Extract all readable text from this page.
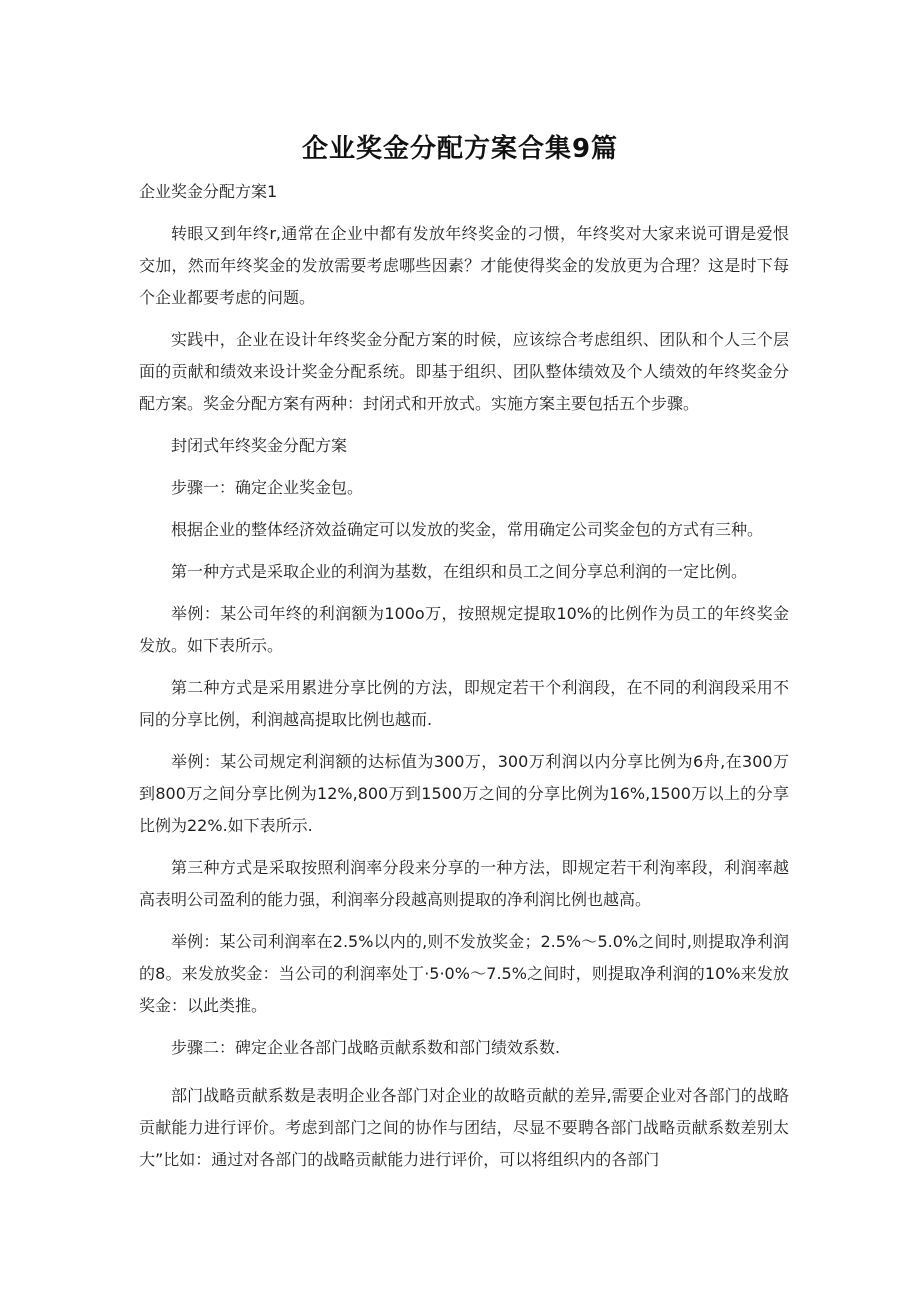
企业奖金分配方案合集9篇

企业奖金分配方案1

转眼又到年终r,通常在企业中都有发放年终奖金的刁惯，年终奖对大家来说可谓是爱恨交加，然而年终奖金的发放需要考虑哪些因素？才能使得奖金的发放更为合理？这是时下每个企业都要考虑的问题。

实践中，企业在设计年终奖金分配方案的时候，应该综合考虑组织、团队和个人三个层面的贡献和绩效来设计奖金分配系统。即基于组织、团队整体绩效及个人绩效的年终奖金分配方案。奖金分配方案有两种：封闭式和开放式。实施方案主要包括五个步骤。

封闭式年终奖金分配方案

步骤一：确定企业奖金包。

根据企业的整体经济效益确定可以发放的奖金，常用确定公司奖金包的方式有三种。

第一种方式是采取企业的利润为基数，在组织和员工之间分享总利润的一定比例。

举例：某公司年终的利润额为100o万，按照规定提取10%的比例作为员工的年终奖金发放。如下表所示。

第二种方式是采用累进分享比例的方法，即规定若干个利润段，在不同的利润段采用不同的分享比例，利润越高提取比例也越而.

举例：某公司规定利润额的达标值为300万，300万利润以内分享比例为6舟,在300万到800万之间分享比例为12%,800万到1500万之间的分享比例为16%,1500万以上的分享比例为22%.如下表所示.

第三种方式是采取按照利润率分段来分享的一种方法，即规定若干利洵率段，利润率越高表明公司盈利的能力强，利润率分段越高则提取的净利润比例也越高。

举例：某公司利润率在2.5%以内的,则不发放奖金；2.5%～5.0%之间时,则提取净利润的8。来发放奖金：当公司的利润率处丁·5·0%～7.5%之间时，则提取净利润的10%来发放奖金：以此类推。

步骤二：碑定企业各部门战略贡献系数和部门绩效系数.

部门战略贡献系数是表明企业各部门对企业的故略贡献的差异,需要企业对各部门的战略贡献能力进行评价。考虑到部门之间的协作与团结，尽显不要聘各部门战略贡献系数差别太大”比如：通过对各部门的战略贡献能力进行评价，可以将组织内的各部门
